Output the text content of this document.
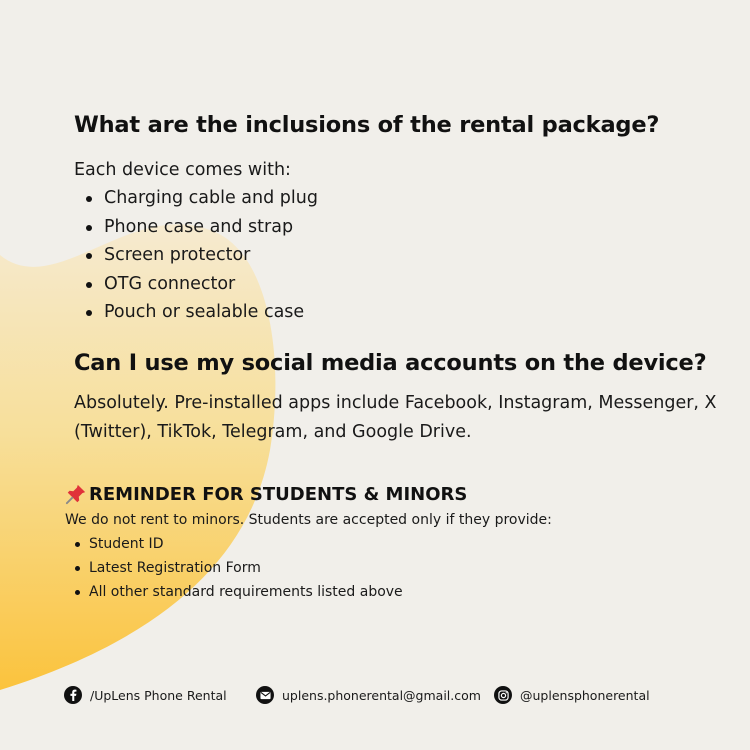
What are the inclusions of the rental package?

Each device comes with:

Charging cable and plug
Phone case and strap
Screen protector
OTG connector
Pouch or sealable case
Can I use my social media accounts on the device?

Absolutely. Pre-installed apps include Facebook, Instagram, Messenger, X (Twitter), TikTok, Telegram, and Google Drive.

REMINDER FOR STUDENTS & MINORS

We do not rent to minors. Students are accepted only if they provide:

Student ID
Latest Registration Form
All other standard requirements listed above
/UpLens Phone Rental	uplens.phonerental@gmail.com	@uplensphonerental
